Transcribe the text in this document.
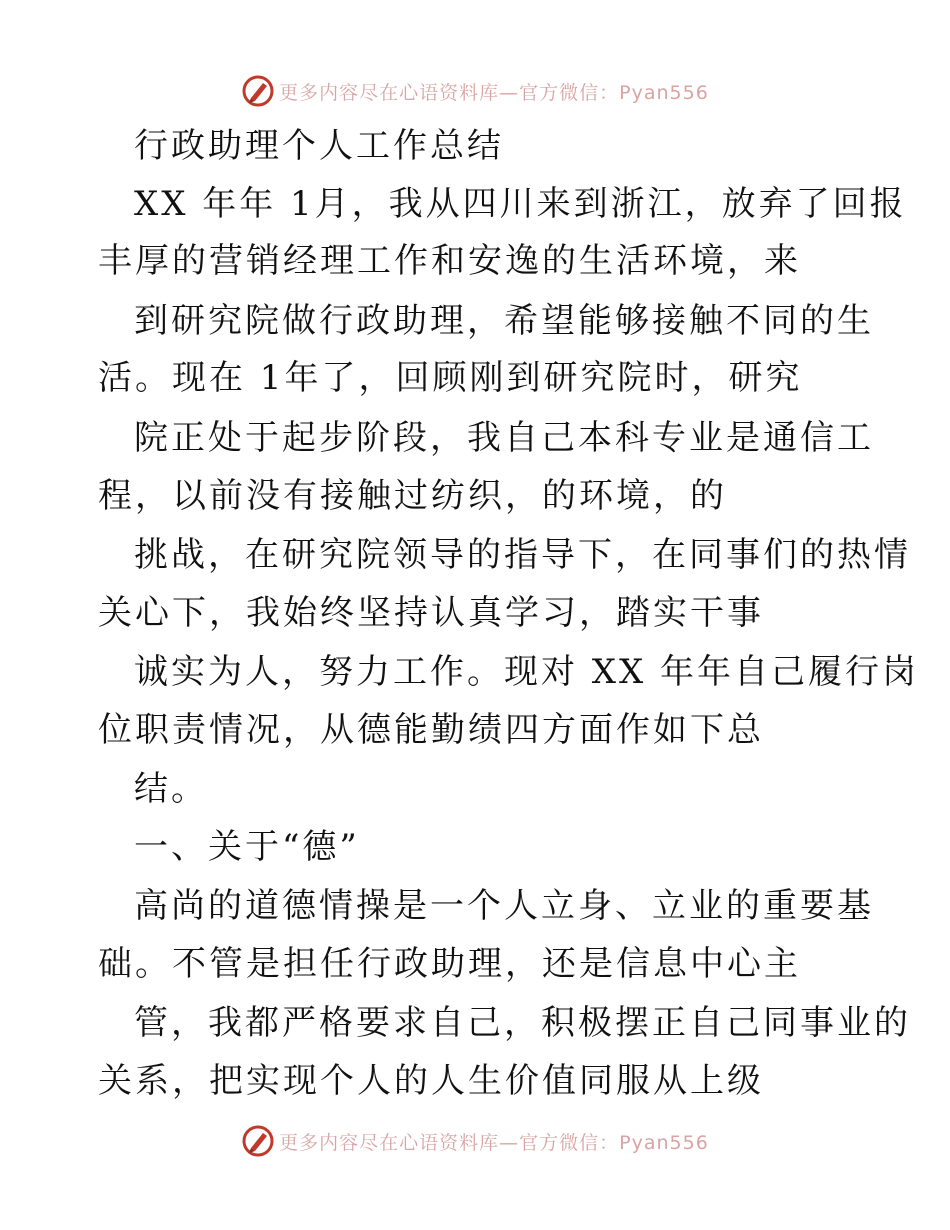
更多内容尽在心语资料库—官方微信：Pyan556
行政助理个人工作总结
XX 年年 1月，我从四川来到浙江，放弃了回报
丰厚的营销经理工作和安逸的生活环境，来
到研究院做行政助理，希望能够接触不同的生
活。现在 1年了，回顾刚到研究院时，研究
院正处于起步阶段，我自己本科专业是通信工
程，以前没有接触过纺织，的环境，的
挑战，在研究院领导的指导下，在同事们的热情
关心下，我始终坚持认真学习，踏实干事
诚实为人，努力工作。现对 XX 年年自己履行岗
位职责情况，从德能勤绩四方面作如下总
结。
一、关于“德”
高尚的道德情操是一个人立身、立业的重要基
础。不管是担任行政助理，还是信息中心主
管，我都严格要求自己，积极摆正自己同事业的
关系，把实现个人的人生价值同服从上级
更多内容尽在心语资料库—官方微信：Pyan556
